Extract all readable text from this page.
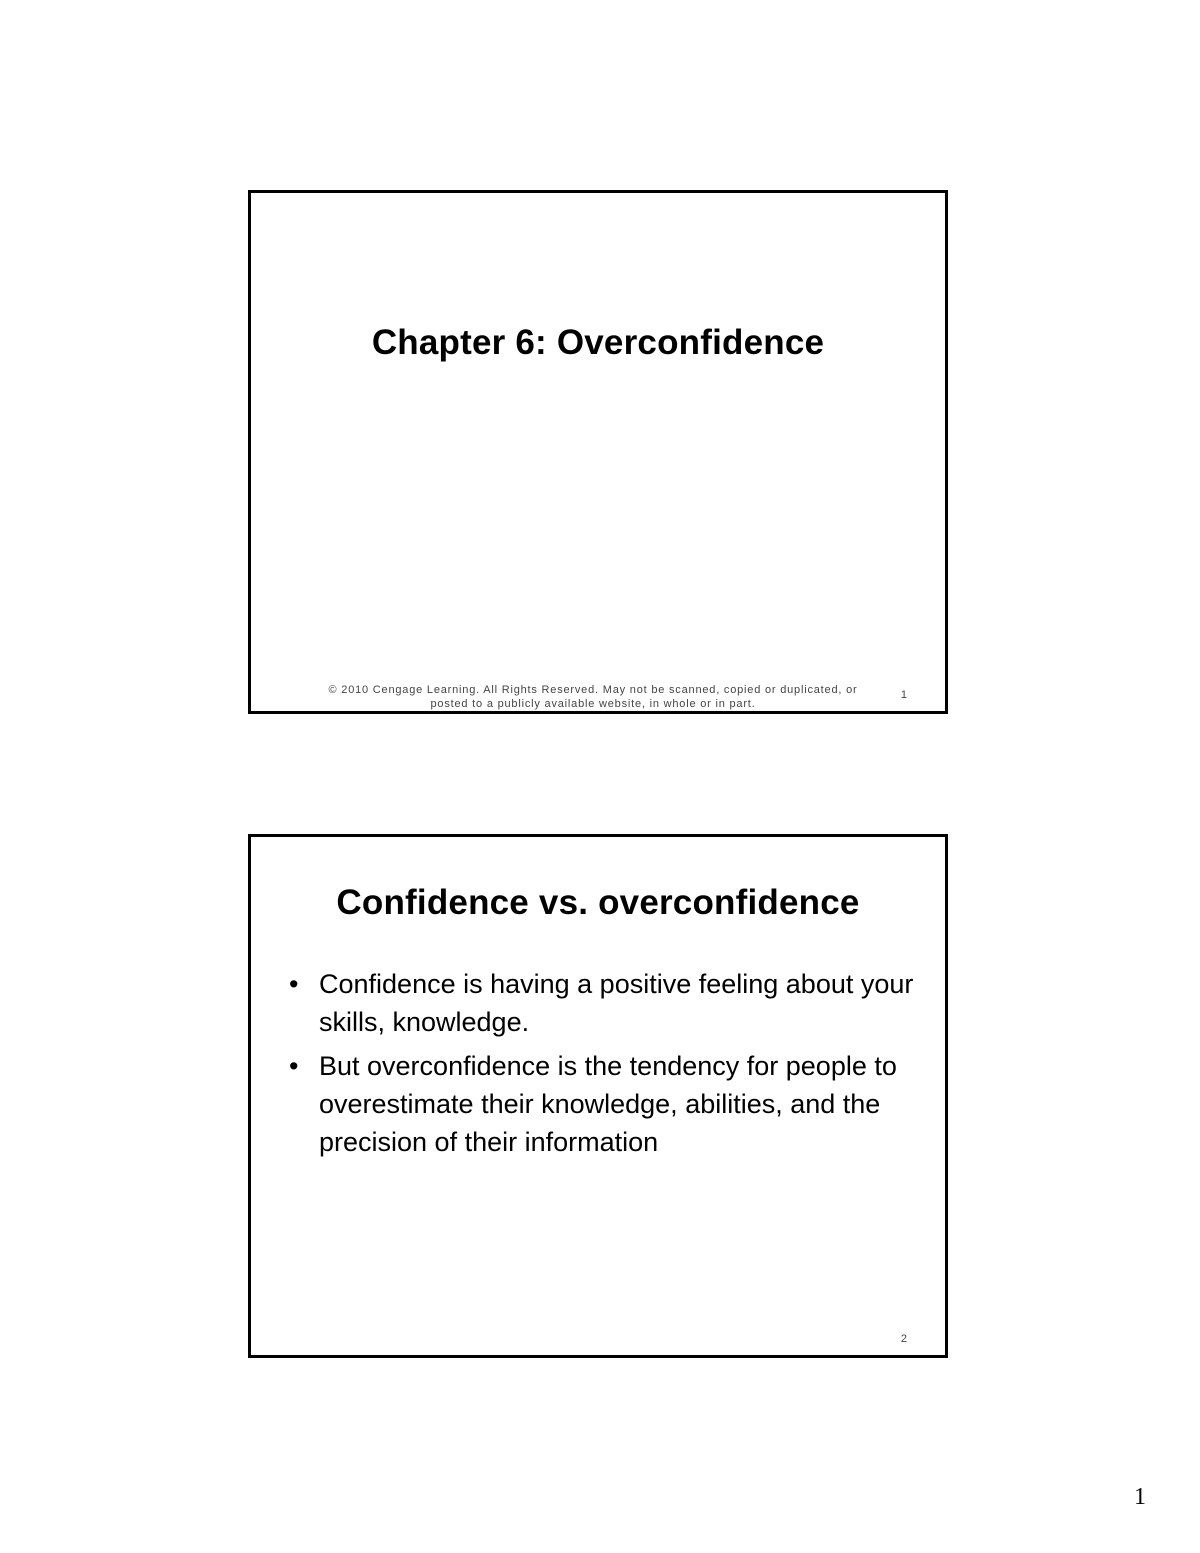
Chapter 6: Overconfidence
© 2010 Cengage Learning. All Rights Reserved. May not be scanned, copied or duplicated, or
posted to a publicly available website, in whole or in part.
1
Confidence vs. overconfidence
• Confidence is having a positive feeling about your skills, knowledge.
• But overconfidence is the tendency for people to overestimate their knowledge, abilities, and the precision of their information
2
1
